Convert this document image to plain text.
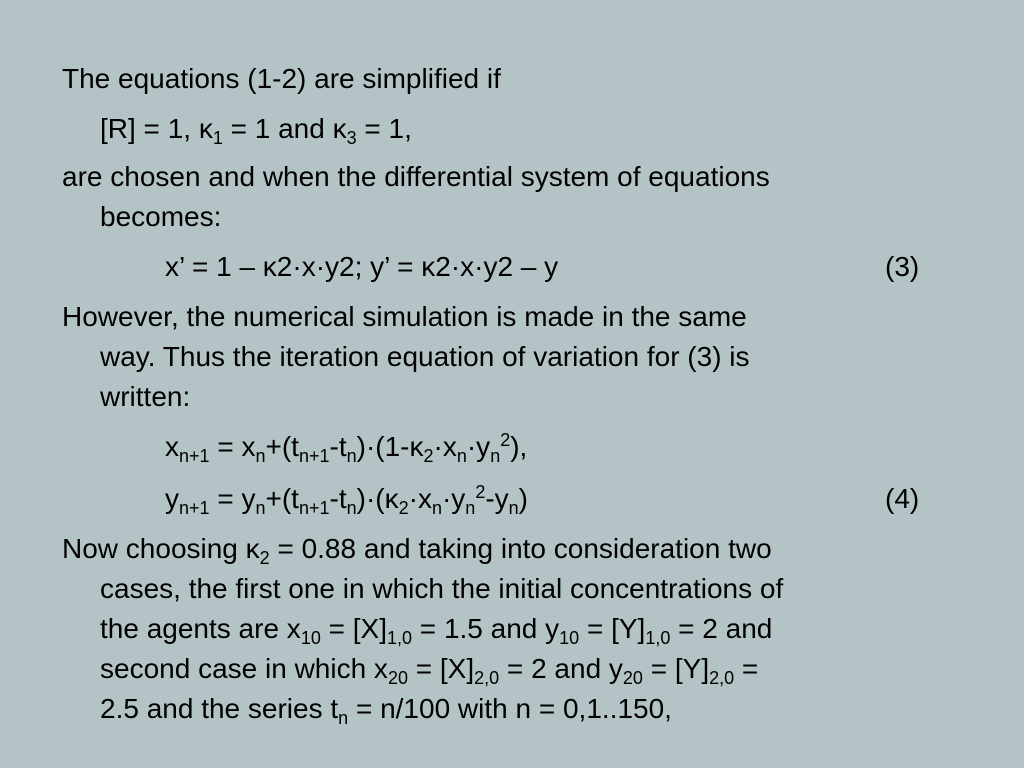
The equations (1-2) are simplified if
[R] = 1, $\kappa_1 = 1$ and $\kappa_3 = 1$,
are chosen and when the differential system of equations
becomes:
x’ = 1 – κ2·x·y2; y’ = κ2·x·y2 – y	(3)
However, the numerical simulation is made in the same
way. Thus the iteration equation of variation for (3) is
written:
$x_{n+1} = x_n+(t_{n+1}-t_n)\cdot(1-\kappa_2\cdot x_n\cdot y_n^2)$,
$y_{n+1} = y_n+(t_{n+1}-t_n)\cdot(\kappa_2\cdot x_n\cdot y_n^2-y_n)$	(4)
Now choosing $\kappa_2 = 0.88$ and taking into consideration two
cases, the first one in which the initial concentrations of
the agents are $x_{10} = [X]_{1,0} = 1.5$ and $y_{10} = [Y]_{1,0} = 2$ and
second case in which $x_{20} = [X]_{2,0} = 2$ and $y_{20} = [Y]_{2,0}$ =
2.5 and the series $t_n = n/100$ with n = 0,1..150,
